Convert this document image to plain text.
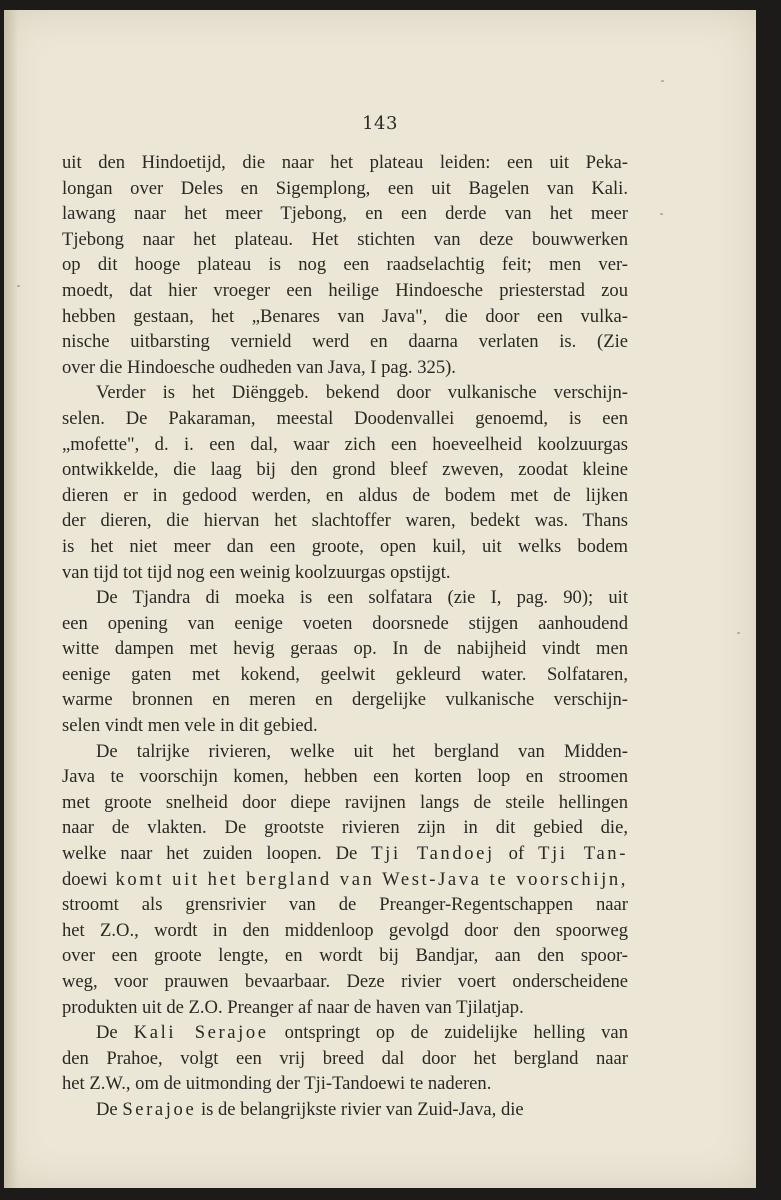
143
uit den Hindoetijd, die naar het plateau leiden: een uit Peka-
longan over Deles en Sigemplong, een uit Bagelen van Kali.
lawang naar het meer Tjebong, en een derde van het meer
Tjebong naar het plateau. Het stichten van deze bouwwerken
op dit hooge plateau is nog een raadselachtig feit; men ver-
moedt, dat hier vroeger een heilige Hindoesche priesterstad zou
hebben gestaan, het „Benares van Java", die door een vulka-
nische uitbarsting vernield werd en daarna verlaten is. (Zie
over die Hindoesche oudheden van Java, I pag. 325).
Verder is het Diënggeb. bekend door vulkanische verschijn-
selen. De Pakaraman, meestal Doodenvallei genoemd, is een
„mofette", d. i. een dal, waar zich een hoeveelheid koolzuurgas
ontwikkelde, die laag bij den grond bleef zweven, zoodat kleine
dieren er in gedood werden, en aldus de bodem met de lijken
der dieren, die hiervan het slachtoffer waren, bedekt was. Thans
is het niet meer dan een groote, open kuil, uit welks bodem
van tijd tot tijd nog een weinig koolzuurgas opstijgt.
De Tjandra di moeka is een solfatara (zie I, pag. 90); uit
een opening van eenige voeten doorsnede stijgen aanhoudend
witte dampen met hevig geraas op. In de nabijheid vindt men
eenige gaten met kokend, geelwit gekleurd water. Solfataren,
warme bronnen en meren en dergelijke vulkanische verschijn-
selen vindt men vele in dit gebied.
De talrijke rivieren, welke uit het bergland van Midden-
Java te voorschijn komen, hebben een korten loop en stroomen
met groote snelheid door diepe ravijnen langs de steile hellingen
naar de vlakten. De grootste rivieren zijn in dit gebied die,
welke naar het zuiden loopen. De Tji Tandoej of Tji Tan-
doewi komt uit het bergland van West-Java te voorschijn,
stroomt als grensrivier van de Preanger-Regentschappen naar
het Z.O., wordt in den middenloop gevolgd door den spoorweg
over een groote lengte, en wordt bij Bandjar, aan den spoor-
weg, voor prauwen bevaarbaar. Deze rivier voert onderscheidene
produkten uit de Z.O. Preanger af naar de haven van Tjilatjap.
De Kali Serajoe ontspringt op de zuidelijke helling van
den Prahoe, volgt een vrij breed dal door het bergland naar
het Z.W., om de uitmonding der Tji-Tandoewi te naderen.
De Serajoe is de belangrijkste rivier van Zuid-Java, die
